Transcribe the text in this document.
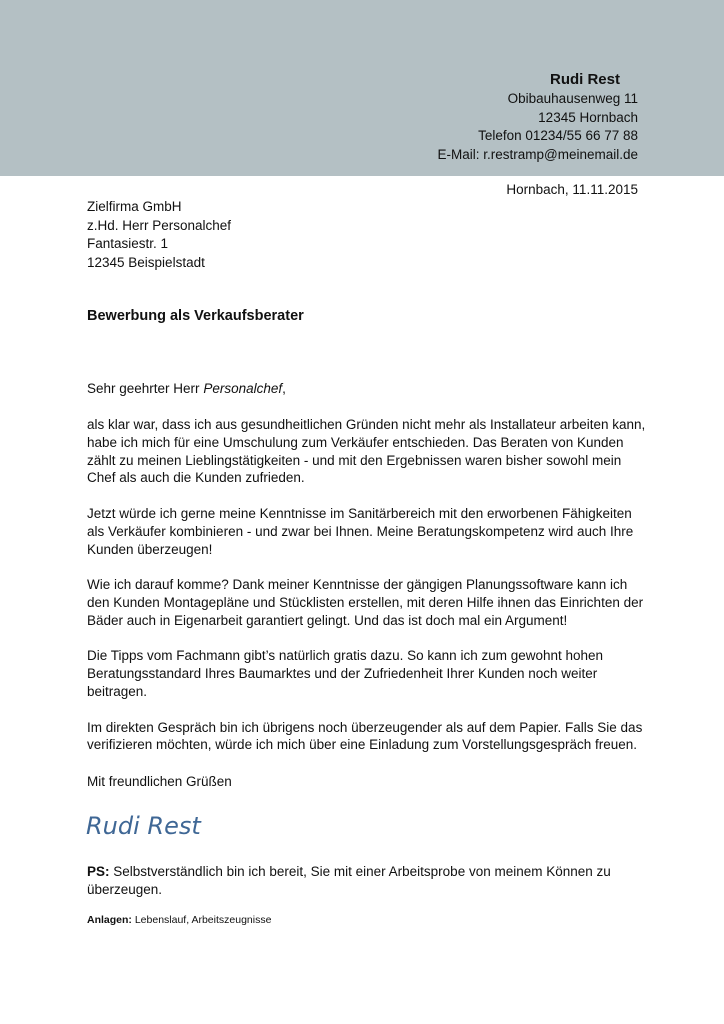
Rudi Rest
Obibauhausenweg 11
12345 Hornbach
Telefon 01234/55 66 77 88
E-Mail: r.restramp@meinemail.de
Hornbach, 11.11.2015
Zielfirma GmbH
z.Hd. Herr Personalchef
Fantasiestr. 1
12345 Beispielstadt
Bewerbung als Verkaufsberater
Sehr geehrter Herr Personalchef,

als klar war, dass ich aus gesundheitlichen Gründen nicht mehr als Installateur arbeiten kann, habe ich mich für eine Umschulung zum Verkäufer entschieden. Das Beraten von Kunden zählt zu meinen Lieblingstätigkeiten - und mit den Ergebnissen waren bisher sowohl mein Chef als auch die Kunden zufrieden.

Jetzt würde ich gerne meine Kenntnisse im Sanitärbereich mit den erworbenen Fähigkeiten als Verkäufer kombinieren - und zwar bei Ihnen. Meine Beratungskompetenz wird auch Ihre Kunden überzeugen!

Wie ich darauf komme? Dank meiner Kenntnisse der gängigen Planungssoftware kann ich den Kunden Montagepläne und Stücklisten erstellen, mit deren Hilfe ihnen das Einrichten der Bäder auch in Eigenarbeit garantiert gelingt. Und das ist doch mal ein Argument!

Die Tipps vom Fachmann gibt’s natürlich gratis dazu. So kann ich zum gewohnt hohen Beratungsstandard Ihres Baumarktes und der Zufriedenheit Ihrer Kunden noch weiter beitragen.

Im direkten Gespräch bin ich übrigens noch überzeugender als auf dem Papier. Falls Sie das verifizieren möchten, würde ich mich über eine Einladung zum Vorstellungsgespräch freuen.

Mit freundlichen Grüßen
Rudi Rest
PS: Selbstverständlich bin ich bereit, Sie mit einer Arbeitsprobe von meinem Können zu überzeugen.
Anlagen: Lebenslauf, Arbeitszeugnisse
